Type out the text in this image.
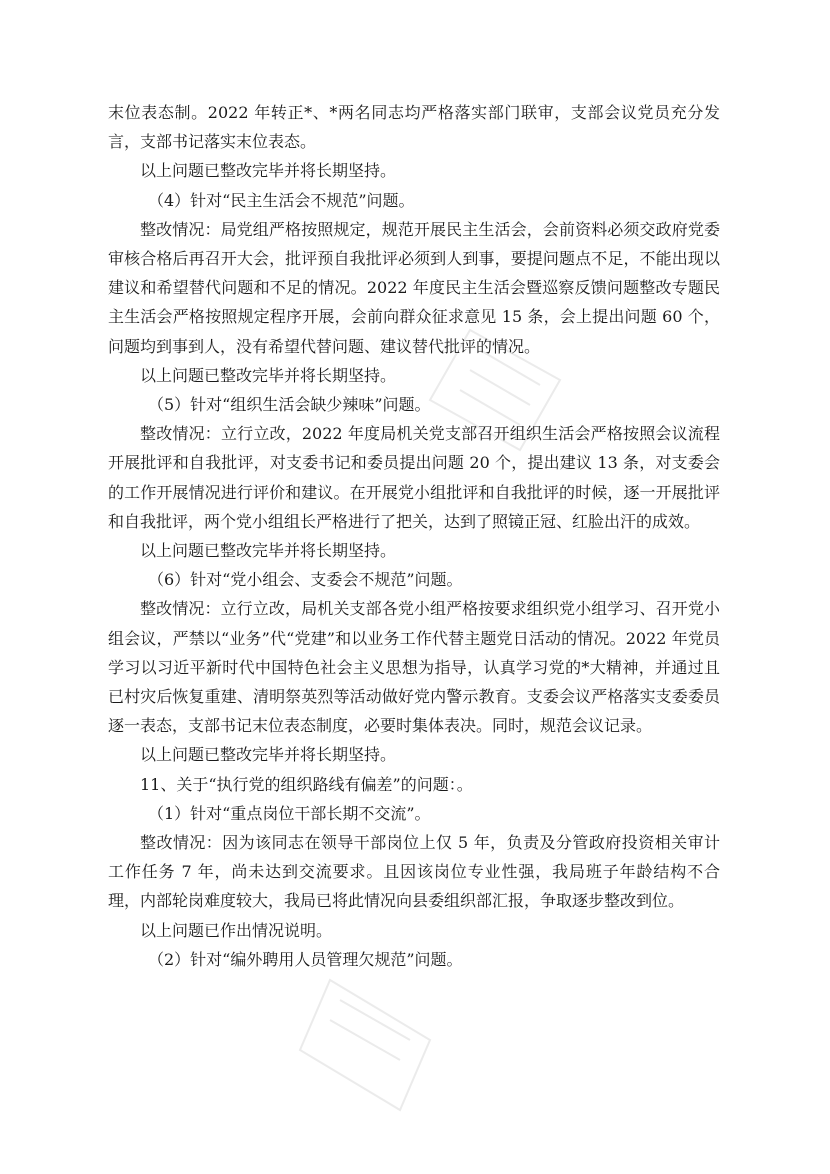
末位表态制。2022 年转正*、*两名同志均严格落实部门联审，支部会议党员充分发言，支部书记落实末位表态。

以上问题已整改完毕并将长期坚持。

（4）针对“民主生活会不规范”问题。

整改情况：局党组严格按照规定，规范开展民主生活会，会前资料必须交政府党委审核合格后再召开大会，批评预自我批评必须到人到事，要提问题点不足，不能出现以建议和希望替代问题和不足的情况。2022 年度民主生活会暨巡察反馈问题整改专题民主生活会严格按照规定程序开展，会前向群众征求意见 15 条，会上提出问题 60 个，问题均到事到人，没有希望代替问题、建议替代批评的情况。

以上问题已整改完毕并将长期坚持。

（5）针对“组织生活会缺少辣味”问题。

整改情况：立行立改，2022 年度局机关党支部召开组织生活会严格按照会议流程开展批评和自我批评，对支委书记和委员提出问题 20 个，提出建议 13 条，对支委会的工作开展情况进行评价和建议。在开展党小组批评和自我批评的时候，逐一开展批评和自我批评，两个党小组组长严格进行了把关，达到了照镜正冠、红脸出汗的成效。

以上问题已整改完毕并将长期坚持。

（6）针对“党小组会、支委会不规范”问题。

整改情况：立行立改，局机关支部各党小组严格按要求组织党小组学习、召开党小组会议，严禁以“业务”代“党建”和以业务工作代替主题党日活动的情况。2022 年党员学习以习近平新时代中国特色社会主义思想为指导，认真学习党的*大精神，并通过且已村灾后恢复重建、清明祭英烈等活动做好党内警示教育。支委会议严格落实支委委员逐一表态，支部书记末位表态制度，必要时集体表决。同时，规范会议记录。

以上问题已整改完毕并将长期坚持。

11、关于“执行党的组织路线有偏差”的问题：。

（1）针对“重点岗位干部长期不交流”。

整改情况：因为该同志在领导干部岗位上仅 5 年，负责及分管政府投资相关审计工作任务 7 年，尚未达到交流要求。且因该岗位专业性强，我局班子年龄结构不合理，内部轮岗难度较大，我局已将此情况向县委组织部汇报，争取逐步整改到位。

以上问题已作出情况说明。

（2）针对“编外聘用人员管理欠规范”问题。
